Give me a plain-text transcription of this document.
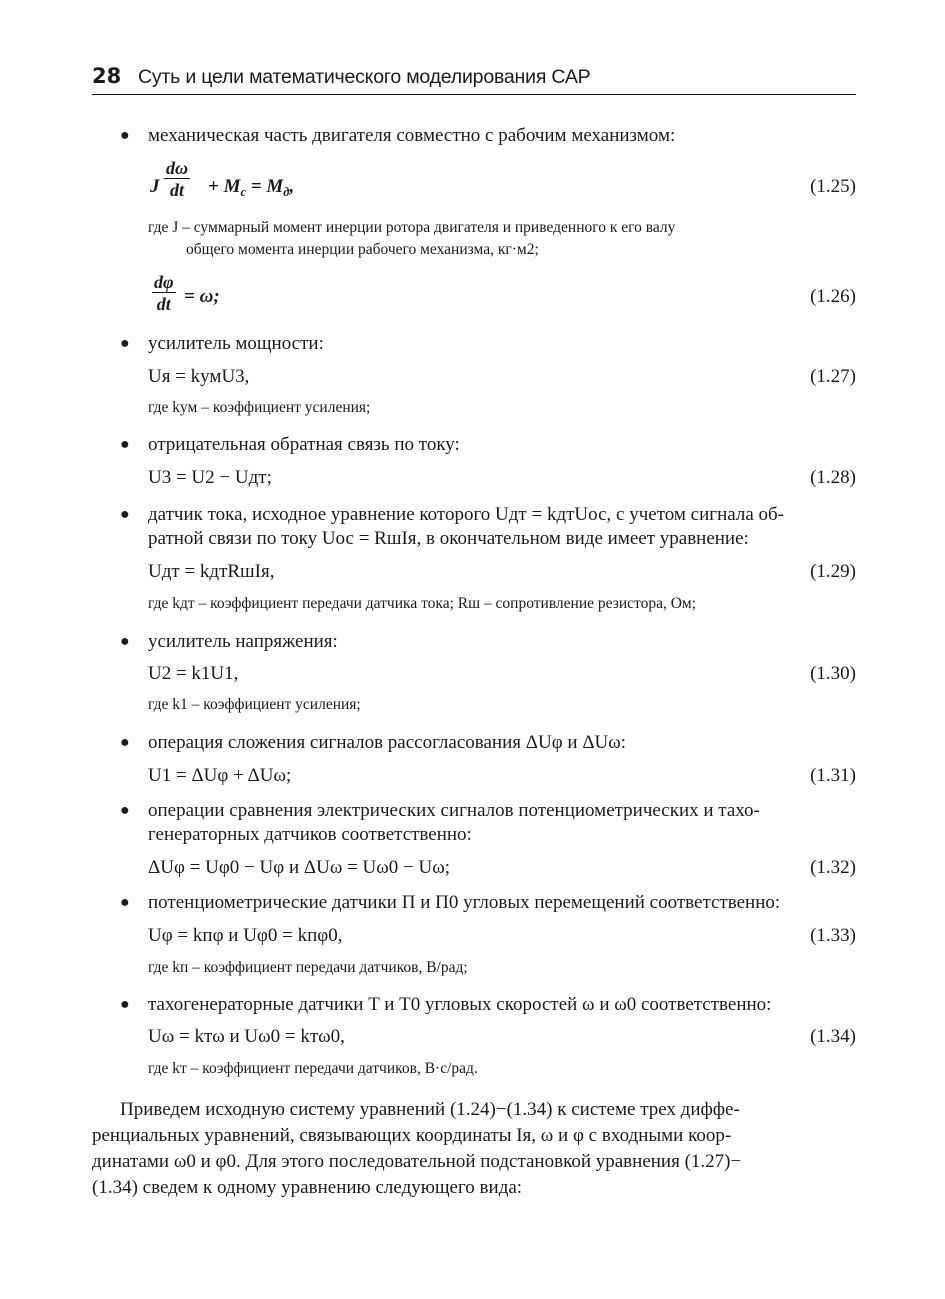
28 Суть и цели математического моделирования САР
● механическая часть двигателя совместно с рабочим механизмом:
J $\frac{d\omega}{dt} + M_c = M_д$,	(1.25)
где J – суммарный момент инерции ротора двигателя и приведенного к его валу
общего момента инерции рабочего механизма, кг·м2;
$\frac{d\varphi}{dt} = \omega$;	(1.26)
● усилитель мощности:
Uя = kумU3,	(1.27)
где kум – коэффициент усиления;
● отрицательная обратная связь по току:
U3 = U2 − Uдт;	(1.28)
● датчик тока, исходное уравнение которого Uдт = kдтUос, с учетом сигнала об-
ратной связи по току Uос = RшIя, в окончательном виде имеет уравнение:
Uдт = kдтRшIя,	(1.29)
где kдт – коэффициент передачи датчика тока; Rш – сопротивление резистора, Ом;
● усилитель напряжения:
U2 = k1U1,	(1.30)
где k1 – коэффициент усиления;
● операция сложения сигналов рассогласования ΔUφ и ΔUω:
U1 = ΔUφ + ΔUω;	(1.31)
● операции сравнения электрических сигналов потенциометрических и тахо-
генераторных датчиков соответственно:
ΔUφ = Uφ0 − Uφ и ΔUω = Uω0 − Uω;	(1.32)
● потенциометрические датчики П и П0 угловых перемещений соответственно:
Uφ = kпφ и Uφ0 = kпφ0,	(1.33)
где kп – коэффициент передачи датчиков, В/рад;
● тахогенераторные датчики T и T0 угловых скоростей ω и ω0 соответственно:
Uω = kтω и Uω0 = kтω0,	(1.34)
где kт – коэффициент передачи датчиков, В·с/рад.
Приведем исходную систему уравнений (1.24)−(1.34) к системе трех диффе-
ренциальных уравнений, связывающих координаты Iя, ω и φ с входными коор-
динатами ω0 и φ0. Для этого последовательной подстановкой уравнения (1.27)−
(1.34) сведем к одному уравнению следующего вида:
